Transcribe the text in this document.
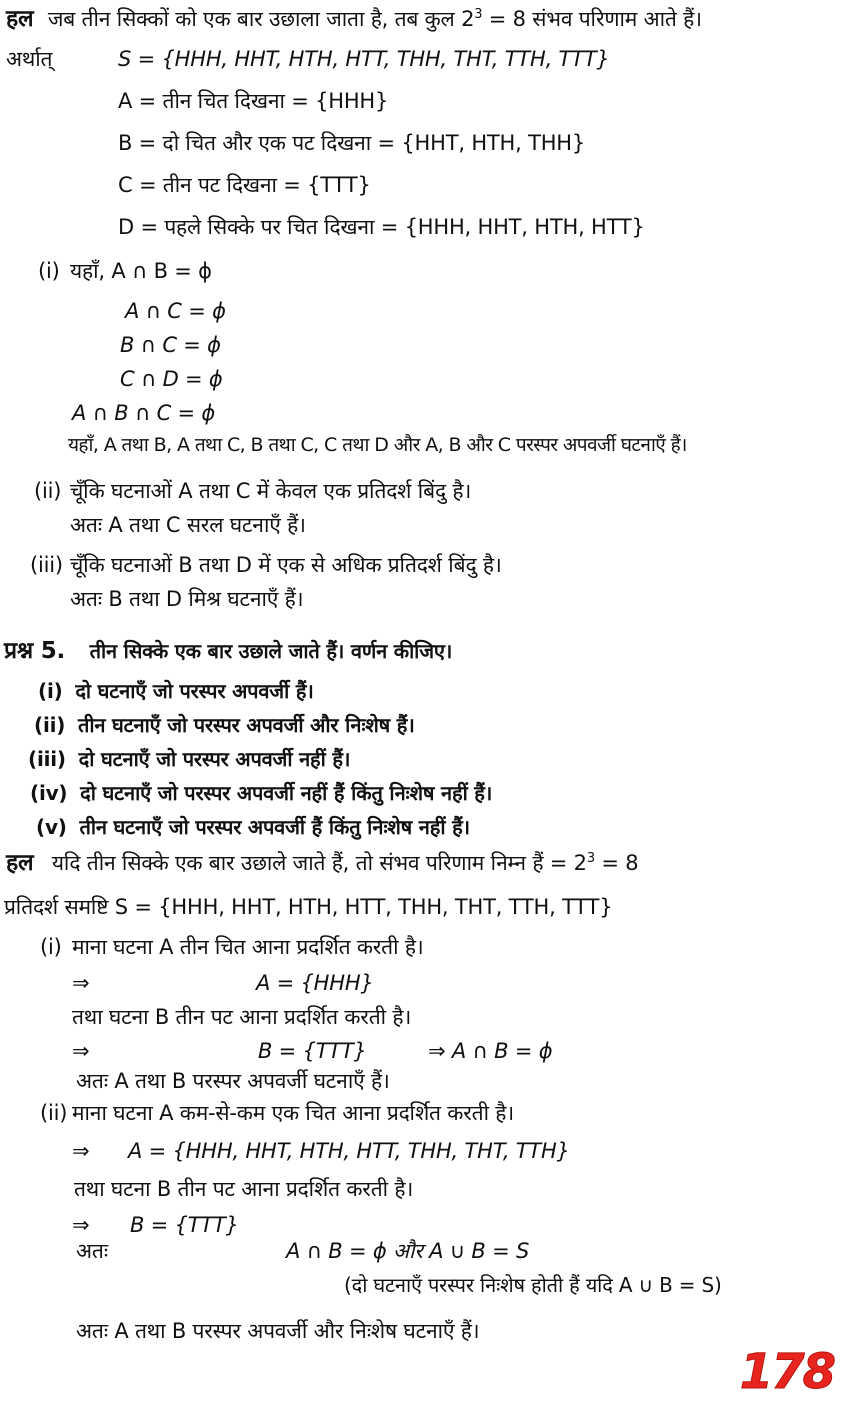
हल जब तीन सिक्कों को एक बार उछाला जाता है, तब कुल $2^3 = 8$ संभव परिणाम आते हैं।
अर्थात्	S = {HHH, HHT, HTH, HTT, THH, THT, TTH, TTT}
A = तीन चित दिखना = {HHH}
B = दो चित और एक पट दिखना = {HHT, HTH, THH}
C = तीन पट दिखना = {TTT}
D = पहले सिक्के पर चित दिखना = {HHH, HHT, HTH, HTT}
(i) यहाँ, A ∩ B = ϕ
A ∩ C = ϕ
B ∩ C = ϕ
C ∩ D = ϕ
A ∩ B ∩ C = ϕ
यहाँ, A तथा B, A तथा C, B तथा C, C तथा D और A, B और C परस्पर अपवर्जी घटनाएँ हैं।
(ii) चूँकि घटनाओं A तथा C में केवल एक प्रतिदर्श बिंदु है।
अतः A तथा C सरल घटनाएँ हैं।
(iii) चूँकि घटनाओं B तथा D में एक से अधिक प्रतिदर्श बिंदु है।
अतः B तथा D मिश्र घटनाएँ हैं।
प्रश्न 5. तीन सिक्के एक बार उछाले जाते हैं। वर्णन कीजिए।
(i) दो घटनाएँ जो परस्पर अपवर्जी हैं।
(ii) तीन घटनाएँ जो परस्पर अपवर्जी और निःशेष हैं।
(iii) दो घटनाएँ जो परस्पर अपवर्जी नहीं हैं।
(iv) दो घटनाएँ जो परस्पर अपवर्जी नहीं हैं किंतु निःशेष नहीं हैं।
(v) तीन घटनाएँ जो परस्पर अपवर्जी हैं किंतु निःशेष नहीं हैं।
हल यदि तीन सिक्के एक बार उछाले जाते हैं, तो संभव परिणाम निम्न हैं = $2^3 = 8$
प्रतिदर्श समष्टि S = {HHH, HHT, HTH, HTT, THH, THT, TTH, TTT}
(i) माना घटना A तीन चित आना प्रदर्शित करती है।
⇒	A = {HHH}
तथा घटना B तीन पट आना प्रदर्शित करती है।
⇒	B = {TTT}	⇒ A ∩ B = ϕ
अतः A तथा B परस्पर अपवर्जी घटनाएँ हैं।
(ii) माना घटना A कम-से-कम एक चित आना प्रदर्शित करती है।
⇒ A = {HHH, HHT, HTH, HTT, THH, THT, TTH}
तथा घटना B तीन पट आना प्रदर्शित करती है।
⇒ B = {TTT}
अतः	A ∩ B = ϕ और A ∪ B = S
(दो घटनाएँ परस्पर निःशेष होती हैं यदि A ∪ B = S)
अतः A तथा B परस्पर अपवर्जी और निःशेष घटनाएँ हैं।
178
